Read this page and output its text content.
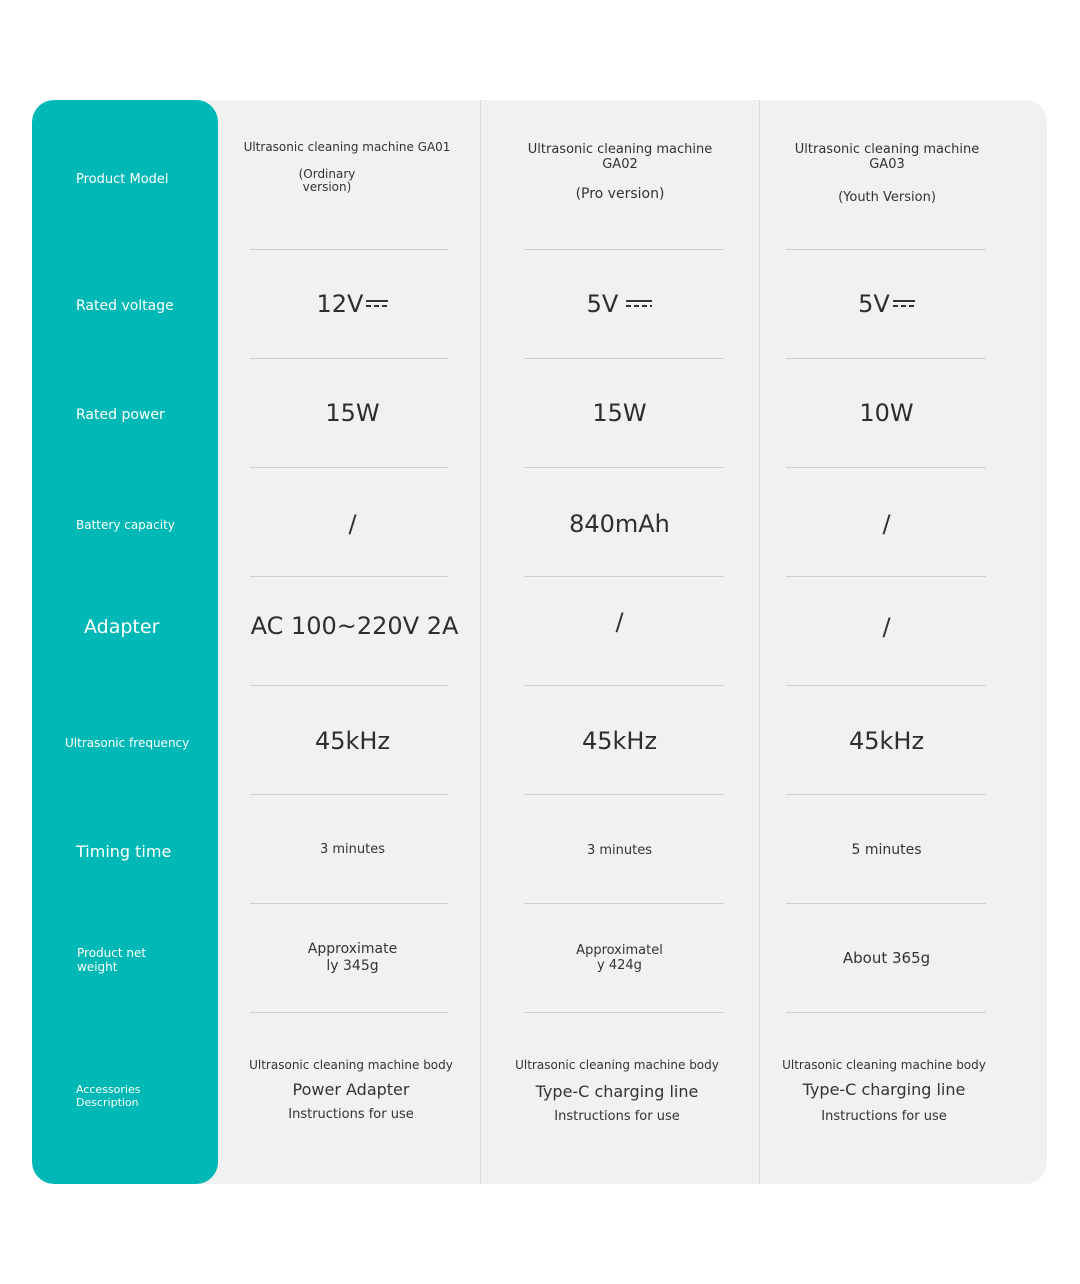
Product Model
Rated voltage
Rated power
Battery capacity
Adapter
Ultrasonic frequency
Timing time
Product net
weight
Accessories
Description
Ultrasonic cleaning machine GA01
(Ordinary
version)
12V
15W
/
AC 100~220V 2A
45kHz
3 minutes
Approximate
ly 345g
Ultrasonic cleaning machine body
Power Adapter
Instructions for use
Ultrasonic cleaning machine GA02
(Pro version)
5V
15W
840mAh
/
45kHz
3 minutes
Approximatel
y 424g
Ultrasonic cleaning machine body
Type-C charging line
Instructions for use
Ultrasonic cleaning machine GA03
(Youth Version)
5V
10W
/
/
45kHz
5 minutes
About 365g
Ultrasonic cleaning machine body
Type-C charging line
Instructions for use
